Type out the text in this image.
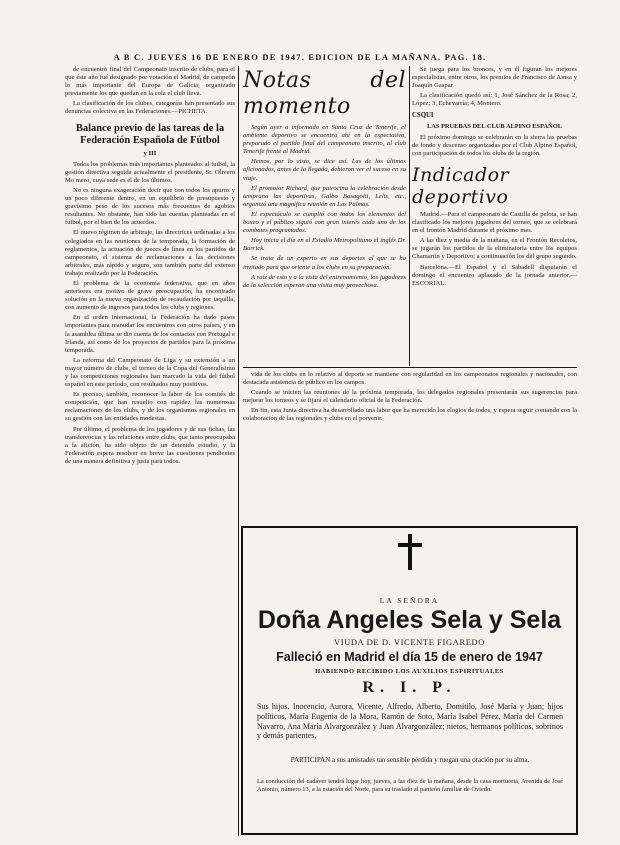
A B C. JUEVES 16 DE ENERO DE 1947. EDICION DE LA MAÑANA. PAG. 18.

de encuentro final del Campeonato inscrito de clubs, para el que éste año fué designado por votación el Madrid, de campeón lo más importante del Europa de Galicia, organizado previamente los que quedan en la cola el club lleva.

La clasificación de los clubes, categorías han presentado sus denuncias colectiva en las Federaciones.—PICHETA.

Balance previo de las tareas de la Federación Española de Fútbol
y III

Todos los problemas más importantes planteados al futbol, la gestión directiva seguida actualmente el presidente, Sr. Olivero Mo mero, cuya sede es el de los últimos.

No es ninguna exageración decir que con todos los apuros y un poco diferente dentro, en un equilibrio de presupuesto y gravísimo peso de los sucesos más frecuentes de agobios resultantes. No obstante, han sido las cuentas planteadas en el fútbol, por el bien de los acuerdos.

El nuevo régimen de arbitraje, las directrices ordenadas a los colegiados en las reuniones de la temporada, la formación de reglamentos, la actuación de jueces de línea en los partidos de campeonato, el sistema de reclamaciones a las decisiones arbitrales, más rápido y seguro, son también parte del extenso trabajo realizado por la Federación.

El problema de la economía federativa, que en años anteriores era motivo de grave preocupación, ha encontrado solución en la nueva organización de recaudación por taquilla, con aumento de ingresos para todos los clubs y regiones.

En el orden internacional, la Federación ha dado pasos importantes para reanudar los encuentros con otros países, y en la asamblea última se dio cuenta de los contactos con Portugal e Irlanda, así como de los proyectos de partidos para la próxima temporada.

La reforma del Campeonato de Liga y su extensión a un mayor número de clubs, el torneo de la Copa del Generalísimo y las competiciones regionales han marcado la vida del fútbol español en este período, con resultados muy positivos.

Es preciso, también, reconocer la labor de los comités de competición, que han resuelto con rapidez las numerosas reclamaciones de los clubs, y de los organismos regionales en su gestión con las entidades modestas.

Por último, el problema de los jugadores y de sus fichas, las transferencias y las relaciones entre clubs, que tanto preocupaba a la afición, ha sido objeto de un detenido estudio, y la Federación espera resolver en breve las cuestiones pendientes de una manera definitiva y justa para todos.

Notas del momento

Según ayer a informado en Santa Cruz de Tenerife, el ambiente deportivo se encuentra ahí en la expectativa, preparado el partido final del campeonato inscrito, al club Tenerife frente al Madrid.

Hemos, por lo visto, se dice así. Las de los últimos aficionados, antes de la llegada, debieron ver el suceso en su viaje.

El promotor Richard, que patrocina la celebración desde temprano las deportivas, Galbo Basagoiti, Lelis, etc., organizó una magnífica reunión en Las Palmas.

El espectáculo se cumplió con todos los elementos del boxeo y el público siguió con gran interés cada uno de los combates programados.

Hoy inicia el día en el Estadio Metropolitano el inglés Dr. Barrick.

Se trata de un experto en sus deportes al que se ha invitado para que oriente a los clubs en su preparación.

A raíz de esto y a la vista del entrenamiento, los jugadores de la selección esperan una visita muy provechosa.

Se juega para los bronces, y en él figuran los mejores especialistas, entre otros, los premios de Francisco de Ainsa y Joaquín Gaspar.

La clasificación quedó así: 1, José Sánchez de la Rosa; 2, López; 3, Echevarría; 4, Montero.

CSQUI
LAS PRUEBAS DEL CLUB ALPINO ESPAÑOL

El próximo domingo se celebrarán en la sierra las pruebas de fondo y descenso organizadas por el Club Alpino Español, con participación de todos los clubs de la región.

Indicador deportivo

Madrid.—Para el campeonato de Castilla de pelota, se han clasificado los mejores jugadores del torneo, que se celebrará en el frontón Madrid durante el próximo mes.

A las diez y media de la mañana, en el Frontón Recoletos, se jugarán los partidos de la eliminatoria entre los equipos Chamartín y Deportivo; a continuación los del grupo segundo.

Barcelona.—El Español y el Sabadell disputarán el domingo el encuentro aplazado de la jornada anterior.—ESCORIAL.

vida de los clubs en lo relativo al deporte se mantiene con regularidad en los campeonatos regionales y nacionales, con destacada asistencia de público en los campos.

Cuando se inicien las reuniones de la próxima temporada, los delegados regionales presentarán sus sugerencias para mejorar los torneos y se fijará el calendario oficial de la Federación.

En fin, esta Junta directiva ha desarrollado una labor que ha merecido los elogios de todos, y espera seguir contando con la colaboración de las regionales y clubs en el porvenir.

LA SEÑORA
Doña Angeles Sela y Sela
VIUDA DE D. VICENTE FIGAREDO
Falleció en Madrid el día 15 de enero de 1947
HABIENDO RECIBIDO LOS AUXILIOS ESPIRITUALES
R. I. P.
Sus hijos, Inocencio, Aurora, Vicente, Alfredo, Alberto, Domitilo, José María y Juan; hijos políticos, María Eugenia de la Mora, Ramón de Soto, María Isabel Pérez, María del Carmen Navarro, Ana María Alvargonzález y Juan Alvargonzález; nietos, hermanos políticos, sobrinos y demás parientes,
PARTICIPAN a sus amistades tan sensible pérdida y ruegan una oración por su alma.
La conducción del cadáver tendrá lugar hoy, jueves, a las diez de la mañana, desde la casa mortuoria, Avenida de José Antonio, número 13, a la estación del Norte, para su traslado al panteón familiar de Oviedo.
